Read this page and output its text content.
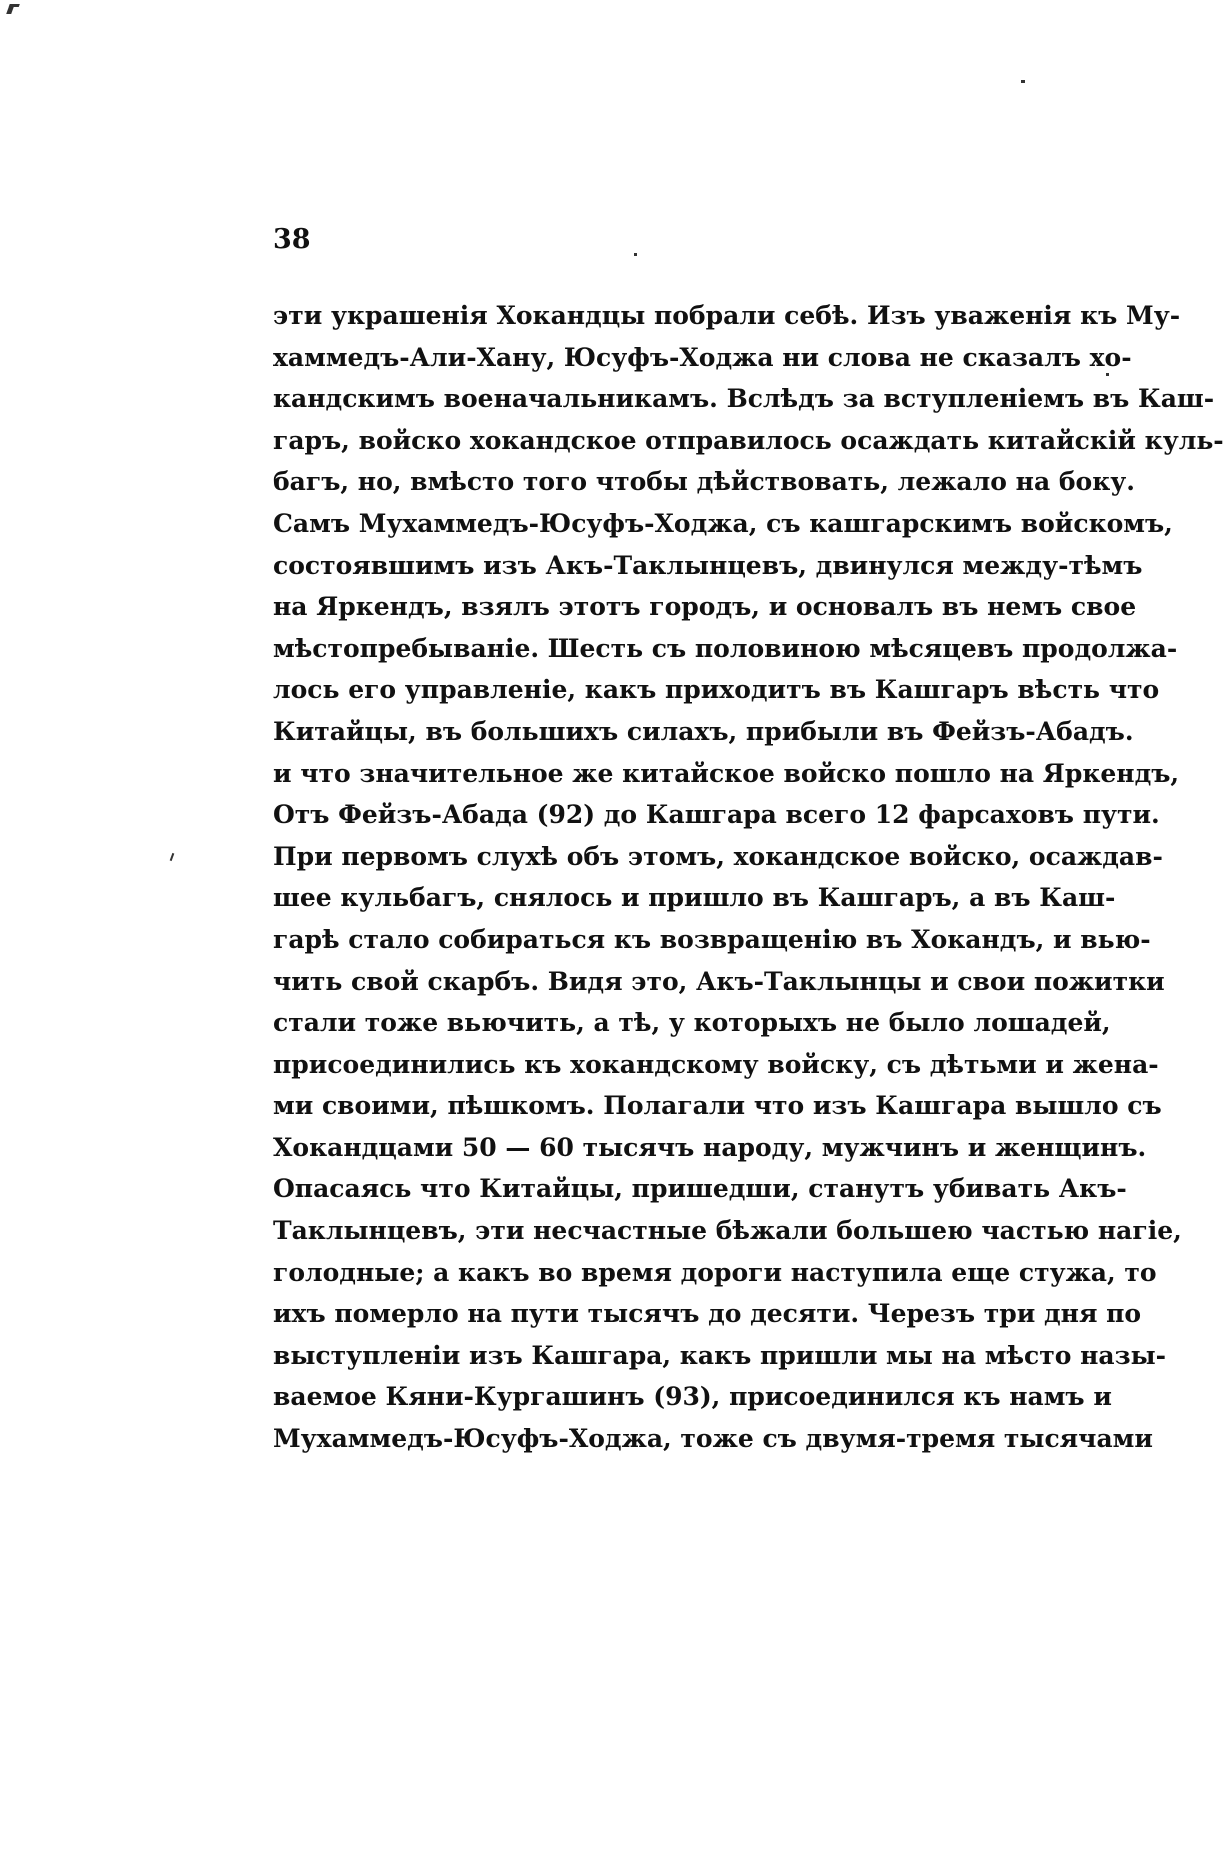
38
эти украшенія Хокандцы побрали себѣ. Изъ уваженія къ Му-
хаммедъ-Али-Хану, Юсуфъ-Ходжа ни слова не сказалъ хо-
кандскимъ военачальникамъ. Вслѣдъ за вступленіемъ въ Каш-
гаръ, войско хокандское отправилось осаждать китайскій куль-
багъ, но, вмѣсто того чтобы дѣйствовать, лежало на боку.
Самъ Мухаммедъ-Юсуфъ-Ходжа, съ кашгарскимъ войскомъ,
состоявшимъ изъ Акъ-Таклынцевъ, двинулся между-тѣмъ
на Яркендъ, взялъ этотъ городъ, и основалъ въ немъ свое
мѣстопребываніе. Шесть съ половиною мѣсяцевъ продолжа-
лось его управленіе, какъ приходитъ въ Кашгаръ вѣсть что
Китайцы, въ большихъ силахъ, прибыли въ Фейзъ-Абадъ.
и что значительное же китайское войско пошло на Яркендъ,
Отъ Фейзъ-Абада (92) до Кашгара всего 12 фарсаховъ пути.
При первомъ слухѣ объ этомъ, хокандское войско, осаждав-
шее кульбагъ, снялось и пришло въ Кашгаръ, а въ Каш-
гарѣ стало собираться къ возвращенію въ Хокандъ, и вью-
чить свой скарбъ. Видя это, Акъ-Таклынцы и свои пожитки
стали тоже вьючить, а тѣ, у которыхъ не было лошадей,
присоединились къ хокандскому войску, съ дѣтьми и жена-
ми своими, пѣшкомъ. Полагали что изъ Кашгара вышло съ
Хокандцами 50 — 60 тысячъ народу, мужчинъ и женщинъ.
Опасаясь что Китайцы, пришедши, станутъ убивать Акъ-
Таклынцевъ, эти несчастные бѣжали большею частью нагіе,
голодные; а какъ во время дороги наступила еще стужа, то
ихъ померло на пути тысячъ до десяти. Черезъ три дня по
выступленіи изъ Кашгара, какъ пришли мы на мѣсто назы-
ваемое Кяни-Кургашинъ (93), присоединился къ намъ и
Мухаммедъ-Юсуфъ-Ходжа, тоже съ двумя-тремя тысячами
